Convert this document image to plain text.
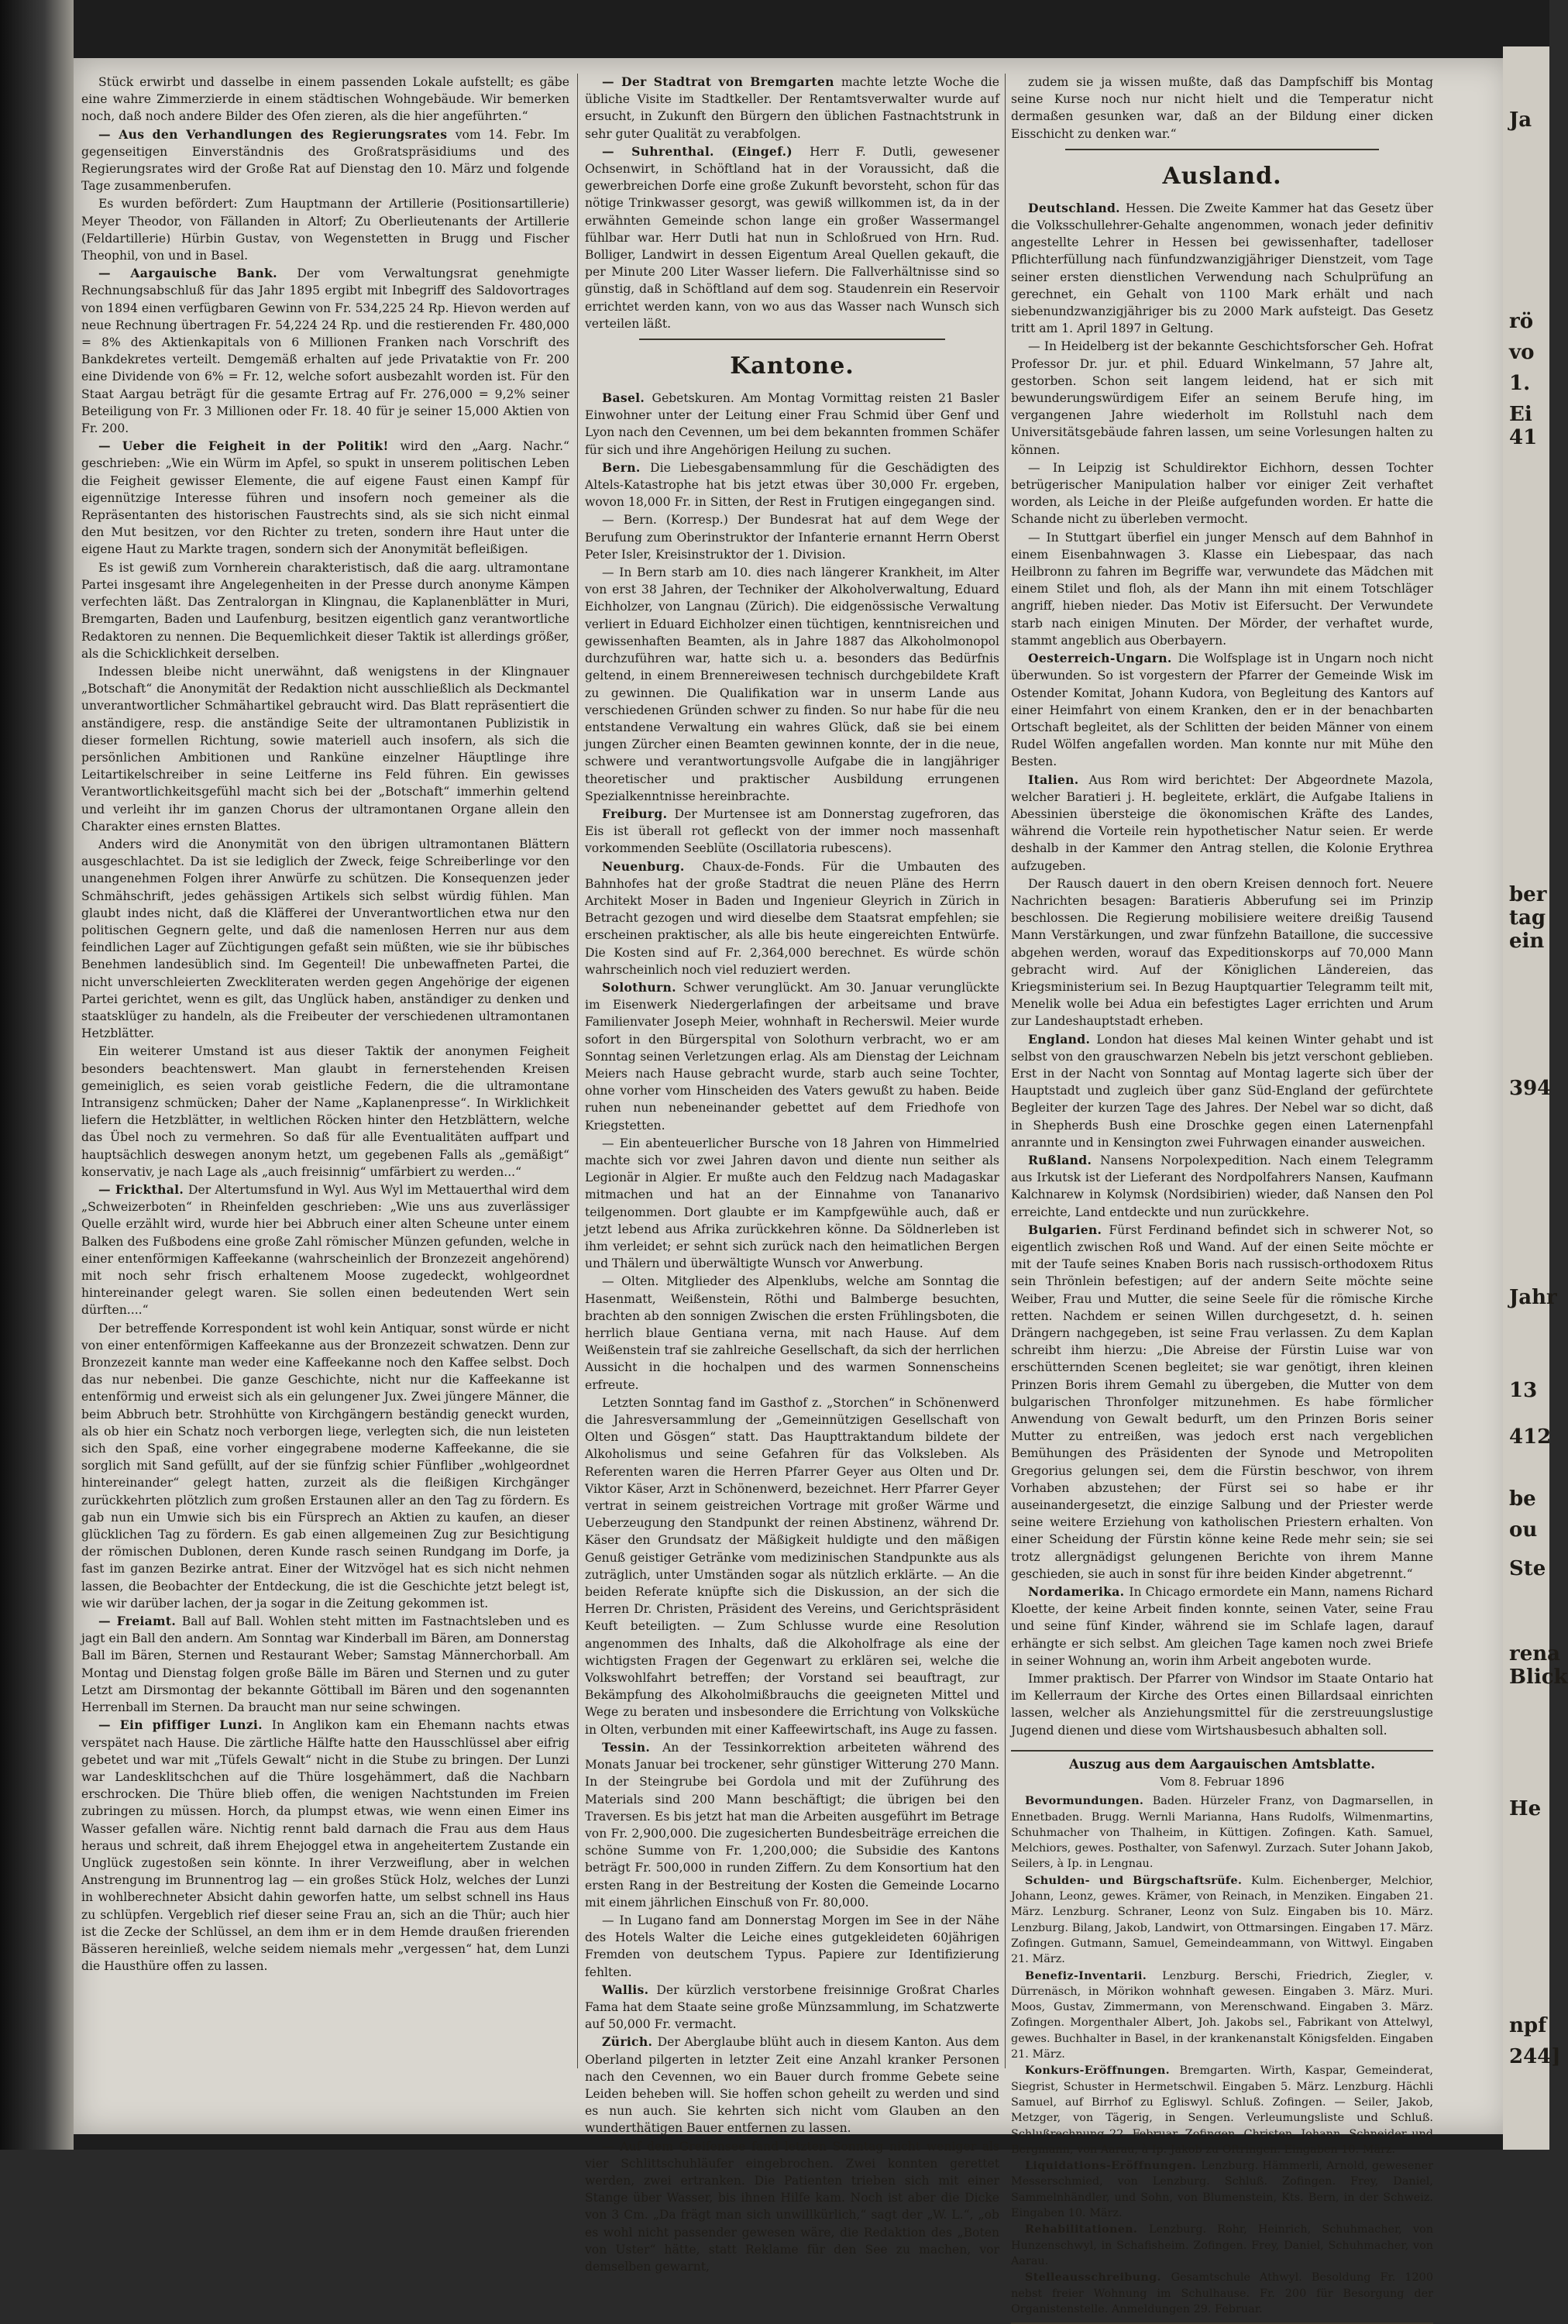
Stück erwirbt und dasselbe in einem passenden Lokale aufstellt; es gäbe eine wahre Zimmerzierde in einem städtischen Wohngebäude. Wir bemerken noch, daß noch andere Bilder des Ofen zieren, als die hier angeführten.“

— Aus den Verhandlungen des Regierungsrates vom 14. Febr. Im gegenseitigen Einverständnis des Großratspräsidiums und des Regierungsrates wird der Große Rat auf Dienstag den 10. März und folgende Tage zusammenberufen.

Es wurden befördert: Zum Hauptmann der Artillerie (Positionsartillerie) Meyer Theodor, von Fällanden in Altorf; Zu Oberlieutenants der Artillerie (Feldartillerie) Hürbin Gustav, von Wegenstetten in Brugg und Fischer Theophil, von und in Basel.

— Aargauische Bank. Der vom Verwaltungsrat genehmigte Rechnungsabschluß für das Jahr 1895 ergibt mit Inbegriff des Saldovortrages von 1894 einen verfügbaren Gewinn von Fr. 534,225 24 Rp. Hievon werden auf neue Rechnung übertragen Fr. 54,224 24 Rp. und die restierenden Fr. 480,000 = 8% des Aktienkapitals von 6 Millionen Franken nach Vorschrift des Bankdekretes verteilt. Demgemäß erhalten auf jede Privataktie von Fr. 200 eine Dividende von 6% = Fr. 12, welche sofort ausbezahlt worden ist. Für den Staat Aargau beträgt für die gesamte Ertrag auf Fr. 276,000 = 9,2% seiner Beteiligung von Fr. 3 Millionen oder Fr. 18. 40 für je seiner 15,000 Aktien von Fr. 200.

— Ueber die Feigheit in der Politik! wird den „Aarg. Nachr.“ geschrieben: „Wie ein Würm im Apfel, so spukt in unserem politischen Leben die Feigheit gewisser Elemente, die auf eigene Faust einen Kampf für eigennützige Interesse führen und insofern noch gemeiner als die Repräsentanten des historischen Faustrechts sind, als sie sich nicht einmal den Mut besitzen, vor den Richter zu treten, sondern ihre Haut unter die eigene Haut zu Markte tragen, sondern sich der Anonymität befleißigen.

Es ist gewiß zum Vornherein charakteristisch, daß die aarg. ultramontane Partei insgesamt ihre Angelegenheiten in der Presse durch anonyme Kämpen verfechten läßt. Das Zentralorgan in Klingnau, die Kaplanenblätter in Muri, Bremgarten, Baden und Laufenburg, besitzen eigentlich ganz verantwortliche Redaktoren zu nennen. Die Bequemlichkeit dieser Taktik ist allerdings größer, als die Schicklichkeit derselben.

Indessen bleibe nicht unerwähnt, daß wenigstens in der Klingnauer „Botschaft“ die Anonymität der Redaktion nicht ausschließlich als Deckmantel unverantwortlicher Schmähartikel gebraucht wird. Das Blatt repräsentiert die anständigere, resp. die anständige Seite der ultramontanen Publizistik in dieser formellen Richtung, sowie materiell auch insofern, als sich die persönlichen Ambitionen und Ranküne einzelner Häuptlinge ihre Leitartikelschreiber in seine Leitferne ins Feld führen. Ein gewisses Verantwortlichkeitsgefühl macht sich bei der „Botschaft“ immerhin geltend und verleiht ihr im ganzen Chorus der ultramontanen Organe allein den Charakter eines ernsten Blattes.

Anders wird die Anonymität von den übrigen ultramontanen Blättern ausgeschlachtet. Da ist sie lediglich der Zweck, feige Schreiberlinge vor den unangenehmen Folgen ihrer Anwürfe zu schützen. Die Konsequenzen jeder Schmähschrift, jedes gehässigen Artikels sich selbst würdig fühlen. Man glaubt indes nicht, daß die Kläfferei der Unverantwortlichen etwa nur den politischen Gegnern gelte, und daß die namenlosen Herren nur aus dem feindlichen Lager auf Züchtigungen gefaßt sein müßten, wie sie ihr bübisches Benehmen landesüblich sind. Im Gegenteil! Die unbewaffneten Partei, die nicht unverschleierten Zweckliteraten werden gegen Angehörige der eigenen Partei gerichtet, wenn es gilt, das Unglück haben, anständiger zu denken und staatsklüger zu handeln, als die Freibeuter der verschiedenen ultramontanen Hetzblätter.

Ein weiterer Umstand ist aus dieser Taktik der anonymen Feigheit besonders beachtenswert. Man glaubt in fernerstehenden Kreisen gemeiniglich, es seien vorab geistliche Federn, die die ultramontane Intransigenz schmücken; Daher der Name „Kaplanenpresse“. In Wirklichkeit liefern die Hetzblätter, in weltlichen Röcken hinter den Hetzblättern, welche das Übel noch zu vermehren. So daß für alle Eventualitäten auffpart und hauptsächlich deswegen anonym hetzt, um gegebenen Falls als „gemäßigt“ konservativ, je nach Lage als „auch freisinnig“ umfärbiert zu werden...“

— Frickthal. Der Altertumsfund in Wyl. Aus Wyl im Mettauerthal wird dem „Schweizerboten“ in Rheinfelden geschrieben: „Wie uns aus zuverlässiger Quelle erzählt wird, wurde hier bei Abbruch einer alten Scheune unter einem Balken des Fußbodens eine große Zahl römischer Münzen gefunden, welche in einer entenförmigen Kaffeekanne (wahrscheinlich der Bronzezeit angehörend) mit noch sehr frisch erhaltenem Moose zugedeckt, wohlgeordnet hintereinander gelegt waren. Sie sollen einen bedeutenden Wert sein dürften....“

Der betreffende Korrespondent ist wohl kein Antiquar, sonst würde er nicht von einer entenförmigen Kaffeekanne aus der Bronzezeit schwatzen. Denn zur Bronzezeit kannte man weder eine Kaffeekanne noch den Kaffee selbst. Doch das nur nebenbei. Die ganze Geschichte, nicht nur die Kaffeekanne ist entenförmig und erweist sich als ein gelungener Jux. Zwei jüngere Männer, die beim Abbruch betr. Strohhütte von Kirchgängern beständig geneckt wurden, als ob hier ein Schatz noch verborgen liege, verlegten sich, die nun leisteten sich den Spaß, eine vorher eingegrabene moderne Kaffeekanne, die sie sorglich mit Sand gefüllt, auf der sie fünfzig schier Fünfliber „wohlgeordnet hintereinander“ gelegt hatten, zurzeit als die fleißigen Kirchgänger zurückkehrten plötzlich zum großen Erstaunen aller an den Tag zu fördern. Es gab nun ein Umwie sich bis ein Fürsprech an Aktien zu kaufen, an dieser glücklichen Tag zu fördern. Es gab einen allgemeinen Zug zur Besichtigung der römischen Dublonen, deren Kunde rasch seinen Rundgang im Dorfe, ja fast im ganzen Bezirke antrat. Einer der Witzvögel hat es sich nicht nehmen lassen, die Beobachter der Entdeckung, die ist die Geschichte jetzt belegt ist, wie wir darüber lachen, der ja sogar in die Zeitung gekommen ist.

— Freiamt. Ball auf Ball. Wohlen steht mitten im Fastnachtsleben und es jagt ein Ball den andern. Am Sonntag war Kinderball im Bären, am Donnerstag Ball im Bären, Sternen und Restaurant Weber; Samstag Männerchorball. Am Montag und Dienstag folgen große Bälle im Bären und Sternen und zu guter Letzt am Dirsmontag der bekannte Göttiball im Bären und den sogenannten Herrenball im Sternen. Da braucht man nur seine schwingen.

— Ein pfiffiger Lunzi. In Anglikon kam ein Ehemann nachts etwas verspätet nach Hause. Die zärtliche Hälfte hatte den Hausschlüssel aber eifrig gebetet und war mit „Tüfels Gewalt“ nicht in die Stube zu bringen. Der Lunzi war Landesklitschchen auf die Thüre losgehämmert, daß die Nachbarn erschrocken. Die Thüre blieb offen, die wenigen Nachtstunden im Freien zubringen zu müssen. Horch, da plumpst etwas, wie wenn einen Eimer ins Wasser gefallen wäre. Nichtig rennt bald darnach die Frau aus dem Haus heraus und schreit, daß ihrem Ehejoggel etwa in angeheitertem Zustande ein Unglück zugestoßen sein könnte. In ihrer Verzweiflung, aber in welchen Anstrengung im Brunnentrog lag — ein großes Stück Holz, welches der Lunzi in wohlberechneter Absicht dahin geworfen hatte, um selbst schnell ins Haus zu schlüpfen. Vergeblich rief dieser seine Frau an, sich an die Thür; auch hier ist die Zecke der Schlüssel, an dem ihm er in dem Hemde draußen frierenden Bässeren hereinließ, welche seidem niemals mehr „vergessen“ hat, dem Lunzi die Hausthüre offen zu lassen.

— Der Stadtrat von Bremgarten machte letzte Woche die übliche Visite im Stadtkeller. Der Rentamtsverwalter wurde auf ersucht, in Zukunft den Bürgern den üblichen Fastnachtstrunk in sehr guter Qualität zu verabfolgen.

— Suhrenthal. (Eingef.) Herr F. Dutli, gewesener Ochsenwirt, in Schöftland hat in der Voraussicht, daß die gewerbreichen Dorfe eine große Zukunft bevorsteht, schon für das nötige Trinkwasser gesorgt, was gewiß willkommen ist, da in der erwähnten Gemeinde schon lange ein großer Wassermangel fühlbar war. Herr Dutli hat nun in Schloßrued von Hrn. Rud. Bolliger, Landwirt in dessen Eigentum Areal Quellen gekauft, die per Minute 200 Liter Wasser liefern. Die Fallverhältnisse sind so günstig, daß in Schöftland auf dem sog. Staudenrein ein Reservoir errichtet werden kann, von wo aus das Wasser nach Wunsch sich verteilen läßt.

Kantone.

Basel. Gebetskuren. Am Montag Vormittag reisten 21 Basler Einwohner unter der Leitung einer Frau Schmid über Genf und Lyon nach den Cevennen, um bei dem bekannten frommen Schäfer für sich und ihre Angehörigen Heilung zu suchen.

Bern. Die Liebesgabensammlung für die Geschädigten des Altels-Katastrophe hat bis jetzt etwas über 30,000 Fr. ergeben, wovon 18,000 Fr. in Sitten, der Rest in Frutigen eingegangen sind.

— Bern. (Korresp.) Der Bundesrat hat auf dem Wege der Berufung zum Oberinstruktor der Infanterie ernannt Herrn Oberst Peter Isler, Kreisinstruktor der 1. Division.

— In Bern starb am 10. dies nach längerer Krankheit, im Alter von erst 38 Jahren, der Techniker der Alkoholverwaltung, Eduard Eichholzer, von Langnau (Zürich). Die eidgenössische Verwaltung verliert in Eduard Eichholzer einen tüchtigen, kenntnisreichen und gewissenhaften Beamten, als in Jahre 1887 das Alkoholmonopol durchzuführen war, hatte sich u. a. besonders das Bedürfnis geltend, in einem Brennereiwesen technisch durchgebildete Kraft zu gewinnen. Die Qualifikation war in unserm Lande aus verschiedenen Gründen schwer zu finden. So nur habe für die neu entstandene Verwaltung ein wahres Glück, daß sie bei einem jungen Zürcher einen Beamten gewinnen konnte, der in die neue, schwere und verantwortungsvolle Aufgabe die in langjähriger theoretischer und praktischer Ausbildung errungenen Spezialkenntnisse hereinbrachte.

Freiburg. Der Murtensee ist am Donnerstag zugefroren, das Eis ist überall rot gefleckt von der immer noch massenhaft vorkommenden Seeblüte (Oscillatoria rubescens).

Neuenburg. Chaux-de-Fonds. Für die Umbauten des Bahnhofes hat der große Stadtrat die neuen Pläne des Herrn Architekt Moser in Baden und Ingenieur Gleyrich in Zürich in Betracht gezogen und wird dieselbe dem Staatsrat empfehlen; sie erscheinen praktischer, als alle bis heute eingereichten Entwürfe. Die Kosten sind auf Fr. 2,364,000 berechnet. Es würde schön wahrscheinlich noch viel reduziert werden.

Solothurn. Schwer verunglückt. Am 30. Januar verunglückte im Eisenwerk Niedergerlafingen der arbeitsame und brave Familienvater Joseph Meier, wohnhaft in Recherswil. Meier wurde sofort in den Bürgerspital von Solothurn verbracht, wo er am Sonntag seinen Verletzungen erlag. Als am Dienstag der Leichnam Meiers nach Hause gebracht wurde, starb auch seine Tochter, ohne vorher vom Hinscheiden des Vaters gewußt zu haben. Beide ruhen nun nebeneinander gebettet auf dem Friedhofe von Kriegstetten.

— Ein abenteuerlicher Bursche von 18 Jahren von Himmelried machte sich vor zwei Jahren davon und diente nun seither als Legionär in Algier. Er mußte auch den Feldzug nach Madagaskar mitmachen und hat an der Einnahme von Tananarivo teilgenommen. Dort glaubte er im Kampfgewühle auch, daß er jetzt lebend aus Afrika zurückkehren könne. Da Söldnerleben ist ihm verleidet; er sehnt sich zurück nach den heimatlichen Bergen und Thälern und überwältigte Wunsch vor Anwerbung.

— Olten. Mitglieder des Alpenklubs, welche am Sonntag die Hasenmatt, Weißenstein, Röthi und Balmberge besuchten, brachten ab den sonnigen Zwischen die ersten Frühlingsboten, die herrlich blaue Gentiana verna, mit nach Hause. Auf dem Weißenstein traf sie zahlreiche Gesellschaft, da sich der herrlichen Aussicht in die hochalpen und des warmen Sonnenscheins erfreute.

Letzten Sonntag fand im Gasthof z. „Storchen“ in Schönenwerd die Jahresversammlung der „Gemeinnützigen Gesellschaft von Olten und Gösgen“ statt. Das Haupttraktandum bildete der Alkoholismus und seine Gefahren für das Volksleben. Als Referenten waren die Herren Pfarrer Geyer aus Olten und Dr. Viktor Käser, Arzt in Schönenwerd, bezeichnet. Herr Pfarrer Geyer vertrat in seinem geistreichen Vortrage mit großer Wärme und Ueberzeugung den Standpunkt der reinen Abstinenz, während Dr. Käser den Grundsatz der Mäßigkeit huldigte und den mäßigen Genuß geistiger Getränke vom medizinischen Standpunkte aus als zuträglich, unter Umständen sogar als nützlich erklärte. — An die beiden Referate knüpfte sich die Diskussion, an der sich die Herren Dr. Christen, Präsident des Vereins, und Gerichtspräsident Keuft beteiligten. — Zum Schlusse wurde eine Resolution angenommen des Inhalts, daß die Alkoholfrage als eine der wichtigsten Fragen der Gegenwart zu erklären sei, welche die Volkswohlfahrt betreffen; der Vorstand sei beauftragt, zur Bekämpfung des Alkoholmißbrauchs die geeigneten Mittel und Wege zu beraten und insbesondere die Errichtung von Volksküche in Olten, verbunden mit einer Kaffeewirtschaft, ins Auge zu fassen.

Tessin. An der Tessinkorrektion arbeiteten während des Monats Januar bei trockener, sehr günstiger Witterung 270 Mann. In der Steingrube bei Gordola und mit der Zuführung des Materials sind 200 Mann beschäftigt; die übrigen bei den Traversen. Es bis jetzt hat man die Arbeiten ausgeführt im Betrage von Fr. 2,900,000. Die zugesicherten Bundesbeiträge erreichen die schöne Summe von Fr. 1,200,000; die Subsidie des Kantons beträgt Fr. 500,000 in runden Ziffern. Zu dem Konsortium hat den ersten Rang in der Bestreitung der Kosten die Gemeinde Locarno mit einem jährlichen Einschuß von Fr. 80,000.

— In Lugano fand am Donnerstag Morgen im See in der Nähe des Hotels Walter die Leiche eines gutgekleideten 60jährigen Fremden von deutschem Typus. Papiere zur Identifizierung fehlten.

Wallis. Der kürzlich verstorbene freisinnige Großrat Charles Fama hat dem Staate seine große Münzsammlung, im Schatzwerte auf 50,000 Fr. vermacht.

Zürich. Der Aberglaube blüht auch in diesem Kanton. Aus dem Oberland pilgerten in letzter Zeit eine Anzahl kranker Personen nach den Cevennen, wo ein Bauer durch fromme Gebete seine Leiden beheben will. Sie hoffen schon geheilt zu werden und sind es nun auch. Sie kehrten sich nicht vom Glauben an den wunderthätigen Bauer entfernen zu lassen.

— Auf dem Greifensee fand letzten Sonntag nicht weniger als vier Schlittschuhläufer eingebrochen. Zwei konnten gerettet werden, zwei ertranken. Die Patienten trieben sich mit einer Stange über Wasser, bis ihnen Hilfe kam. Noch ist aber die Dicke von 3 Cm. „Da frägt man sich unwillkürlich,“ sagt der „W. L.“, „ob es wohl nicht passender gewesen wäre, die Redaktion des „Boten von Uster“ hätte, statt Reklame für den See zu machen, vor demselben gewarnt,

zudem sie ja wissen mußte, daß das Dampfschiff bis Montag seine Kurse noch nur nicht hielt und die Temperatur nicht dermaßen gesunken war, daß an der Bildung einer dicken Eisschicht zu denken war.“

Ausland.

Deutschland. Hessen. Die Zweite Kammer hat das Gesetz über die Volksschullehrer-Gehalte angenommen, wonach jeder definitiv angestellte Lehrer in Hessen bei gewissenhafter, tadelloser Pflichterfüllung nach fünfundzwanzigjähriger Dienstzeit, vom Tage seiner ersten dienstlichen Verwendung nach Schulprüfung an gerechnet, ein Gehalt von 1100 Mark erhält und nach siebenundzwanzigjähriger bis zu 2000 Mark aufsteigt. Das Gesetz tritt am 1. April 1897 in Geltung.

— In Heidelberg ist der bekannte Geschichtsforscher Geh. Hofrat Professor Dr. jur. et phil. Eduard Winkelmann, 57 Jahre alt, gestorben. Schon seit langem leidend, hat er sich mit bewunderungswürdigem Eifer an seinem Berufe hing, im vergangenen Jahre wiederholt im Rollstuhl nach dem Universitätsgebäude fahren lassen, um seine Vorlesungen halten zu können.

— In Leipzig ist Schuldirektor Eichhorn, dessen Tochter betrügerischer Manipulation halber vor einiger Zeit verhaftet worden, als Leiche in der Pleiße aufgefunden worden. Er hatte die Schande nicht zu überleben vermocht.

— In Stuttgart überfiel ein junger Mensch auf dem Bahnhof in einem Eisenbahnwagen 3. Klasse ein Liebespaar, das nach Heilbronn zu fahren im Begriffe war, verwundete das Mädchen mit einem Stilet und floh, als der Mann ihn mit einem Totschläger angriff, hieben nieder. Das Motiv ist Eifersucht. Der Verwundete starb nach einigen Minuten. Der Mörder, der verhaftet wurde, stammt angeblich aus Oberbayern.

Oesterreich-Ungarn. Die Wolfsplage ist in Ungarn noch nicht überwunden. So ist vorgestern der Pfarrer der Gemeinde Wisk im Ostender Komitat, Johann Kudora, von Begleitung des Kantors auf einer Heimfahrt von einem Kranken, den er in der benachbarten Ortschaft begleitet, als der Schlitten der beiden Männer von einem Rudel Wölfen angefallen worden. Man konnte nur mit Mühe den Besten.

Italien. Aus Rom wird berichtet: Der Abgeordnete Mazola, welcher Baratieri j. H. begleitete, erklärt, die Aufgabe Italiens in Abessinien übersteige die ökonomischen Kräfte des Landes, während die Vorteile rein hypothetischer Natur seien. Er werde deshalb in der Kammer den Antrag stellen, die Kolonie Erythrea aufzugeben.

Der Rausch dauert in den obern Kreisen dennoch fort. Neuere Nachrichten besagen: Baratieris Abberufung sei im Prinzip beschlossen. Die Regierung mobilisiere weitere dreißig Tausend Mann Verstärkungen, und zwar fünfzehn Bataillone, die successive abgehen werden, worauf das Expeditionskorps auf 70,000 Mann gebracht wird. Auf der Königlichen Ländereien, das Kriegsministerium sei. In Bezug Hauptquartier Telegramm teilt mit, Menelik wolle bei Adua ein befestigtes Lager errichten und Arum zur Landeshauptstadt erheben.

England. London hat dieses Mal keinen Winter gehabt und ist selbst von den grauschwarzen Nebeln bis jetzt verschont geblieben. Erst in der Nacht von Sonntag auf Montag lagerte sich über der Hauptstadt und zugleich über ganz Süd-England der gefürchtete Begleiter der kurzen Tage des Jahres. Der Nebel war so dicht, daß in Shepherds Bush eine Droschke gegen einen Laternenpfahl anrannte und in Kensington zwei Fuhrwagen einander ausweichen.

Rußland. Nansens Norpolexpedition. Nach einem Telegramm aus Irkutsk ist der Lieferant des Nordpolfahrers Nansen, Kaufmann Kalchnarew in Kolymsk (Nordsibirien) wieder, daß Nansen den Pol erreichte, Land entdeckte und nun zurückkehre.

Bulgarien. Fürst Ferdinand befindet sich in schwerer Not, so eigentlich zwischen Roß und Wand. Auf der einen Seite möchte er mit der Taufe seines Knaben Boris nach russisch-orthodoxem Ritus sein Thrönlein befestigen; auf der andern Seite möchte seine Weiber, Frau und Mutter, die seine Seele für die römische Kirche retten. Nachdem er seinen Willen durchgesetzt, d. h. seinen Drängern nachgegeben, ist seine Frau verlassen. Zu dem Kaplan schreibt ihm hierzu: „Die Abreise der Fürstin Luise war von erschütternden Scenen begleitet; sie war genötigt, ihren kleinen Prinzen Boris ihrem Gemahl zu übergeben, die Mutter von dem bulgarischen Thronfolger mitzunehmen. Es habe förmlicher Anwendung von Gewalt bedurft, um den Prinzen Boris seiner Mutter zu entreißen, was jedoch erst nach vergeblichen Bemühungen des Präsidenten der Synode und Metropoliten Gregorius gelungen sei, dem die Fürstin beschwor, von ihrem Vorhaben abzustehen; der Fürst sei so habe er ihr auseinandergesetzt, die einzige Salbung und der Priester werde seine weitere Erziehung von katholischen Priestern erhalten. Von einer Scheidung der Fürstin könne keine Rede mehr sein; sie sei trotz allergnädigst gelungenen Berichte von ihrem Manne geschieden, sie auch in sonst für ihre beiden Kinder abgetrennt.“

Nordamerika. In Chicago ermordete ein Mann, namens Richard Kloette, der keine Arbeit finden konnte, seinen Vater, seine Frau und seine fünf Kinder, während sie im Schlafe lagen, darauf erhängte er sich selbst. Am gleichen Tage kamen noch zwei Briefe in seiner Wohnung an, worin ihm Arbeit angeboten wurde.

Immer praktisch. Der Pfarrer von Windsor im Staate Ontario hat im Kellerraum der Kirche des Ortes einen Billardsaal einrichten lassen, welcher als Anziehungsmittel für die zerstreuungslustige Jugend dienen und diese vom Wirtshausbesuch abhalten soll.

Auszug aus dem Aargauischen Amtsblatte.
Vom 8. Februar 1896

Bevormundungen. Baden. Hürzeler Franz, von Dagmarsellen, in Ennetbaden. Brugg. Wernli Marianna, Hans Rudolfs, Wilmenmartins, Schuhmacher von Thalheim, in Küttigen. Zofingen. Kath. Samuel, Melchiors, gewes. Posthalter, von Safenwyl. Zurzach. Suter Johann Jakob, Seilers, à Ip. in Lengnau.

Schulden- und Bürgschaftsrüfe. Kulm. Eichenberger, Melchior, Johann, Leonz, gewes. Krämer, von Reinach, in Menziken. Eingaben 21. März. Lenzburg. Schraner, Leonz von Sulz. Eingaben bis 10. März. Lenzburg. Bilang, Jakob, Landwirt, von Ottmarsingen. Eingaben 17. März. Zofingen. Gutmann, Samuel, Gemeindeammann, von Wittwyl. Eingaben 21. März.

Benefiz-Inventarii. Lenzburg. Berschi, Friedrich, Ziegler, v. Dürrenäsch, in Mörikon wohnhaft gewesen. Eingaben 3. März. Muri. Moos, Gustav, Zimmermann, von Merenschwand. Eingaben 3. März. Zofingen. Morgenthaler Albert, Joh. Jakobs sel., Fabrikant von Attelwyl, gewes. Buchhalter in Basel, in der krankenanstalt Königsfelden. Eingaben 21. März.

Konkurs-Eröffnungen. Bremgarten. Wirth, Kaspar, Gemeinderat, Siegrist, Schuster in Hermetschwil. Eingaben 5. März. Lenzburg. Hächli Samuel, auf Birrhof zu Egliswyl. Schluß. Zofingen. — Seiler, Jakob, Metzger, von Tägerig, in Sengen. Verleumungsliste und Schluß. Schlußrechnung 22. Februar. Zofingen. Christen, Johann, Schneider und Bergmann, von Aarau, à Ip. Jakob zu Oftringen. Eingaben 10. März.

Liquidations-Eröffnungen. Lenzburg. Hämmerli, Arnold, gewesener Messerschmied, von Lenzburg. Schluß. Zofingen. Frey, Daniel, Sammelnhändler, und Sohn, von Blumenstein, Kts. Bern, in der Schweiz. Eingaben 10. März.

Rehabilitationen. Lenzburg. Rohr, Heinrich, Schuhmacher, von Hunzenschwyl, in Schafisheim. Zofingen. Frey, Daniel, Schuhmacher, von Aarau.

Stelleausschreibung. Gesamtschule Athwyl. Besoldung Fr. 1200 nebst freier Wohnung im Schulhause. Fr. 200 für Besorgung der Organistenstelle. Anmeldungen 29. Februar.

Ja
rö
vo
1.
Ei
41
ber
tag
ein
394
Jahr
13
412
be
ou
Ste
rena
Blick
He
npf
244]
